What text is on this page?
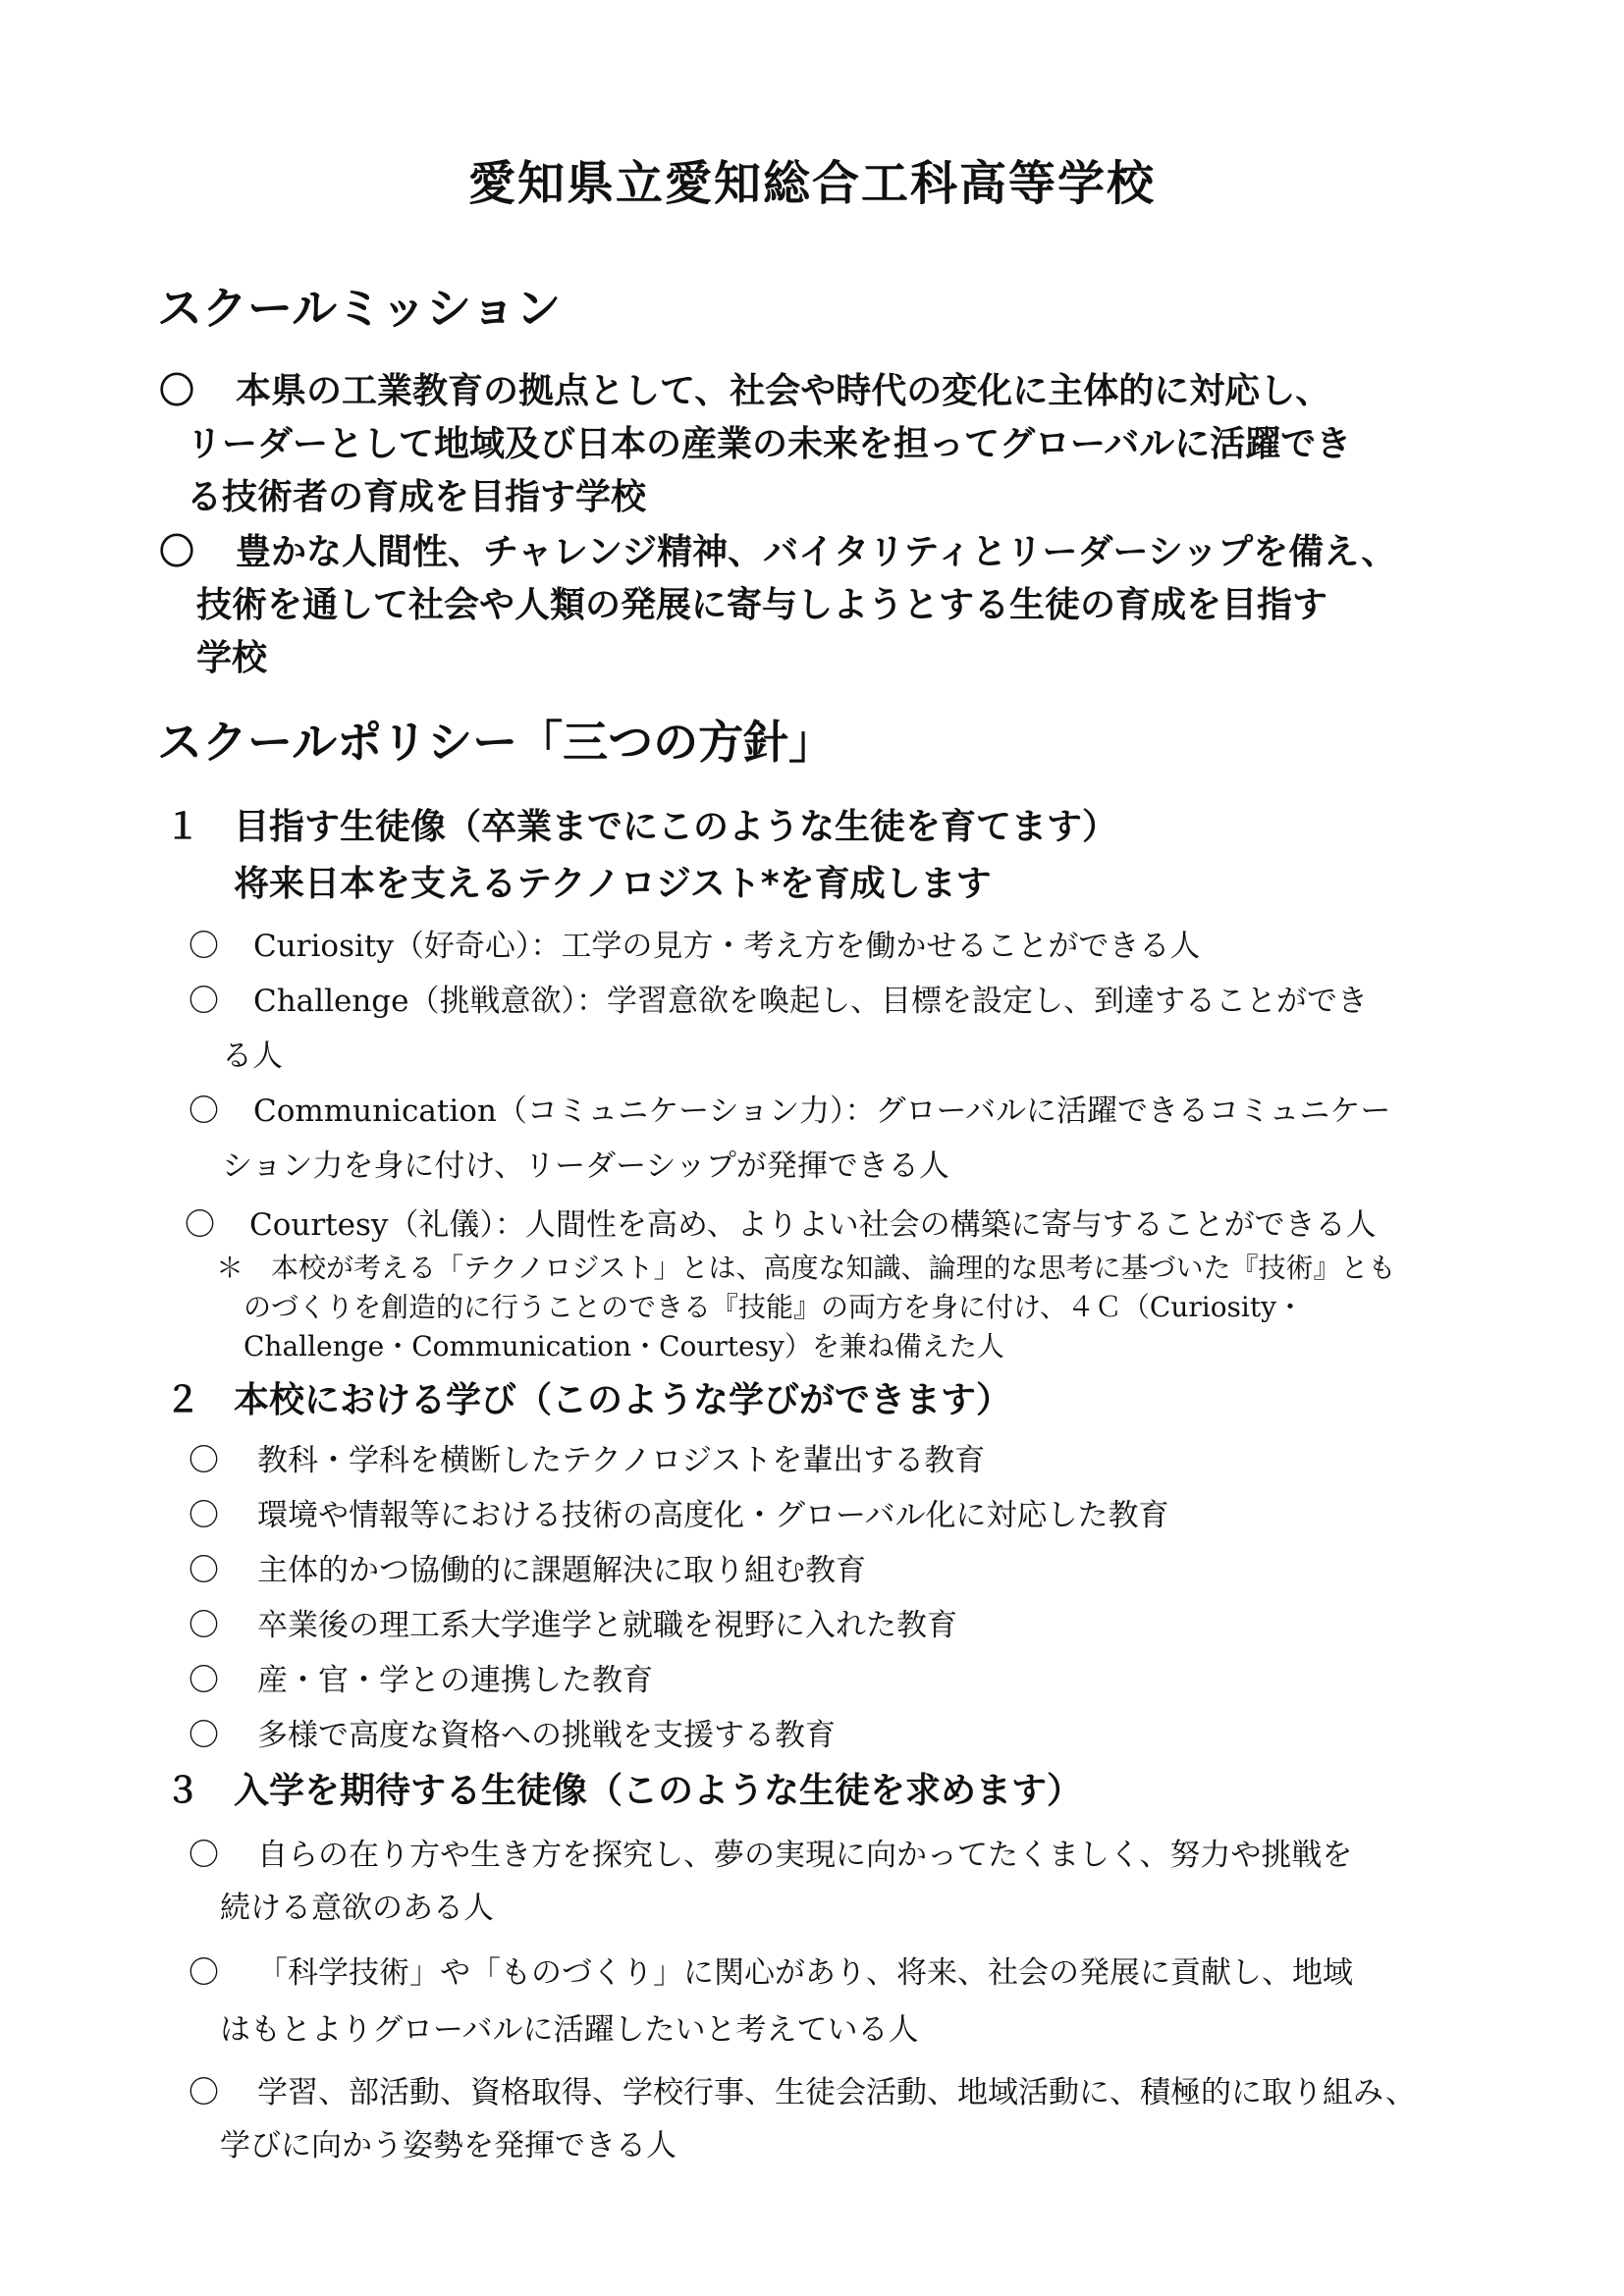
愛知県立愛知総合工科高等学校
スクールミッション
〇 本県の工業教育の拠点として、社会や時代の変化に主体的に対応し、
リーダーとして地域及び日本の産業の未来を担ってグローバルに活躍でき
る技術者の育成を目指す学校
〇 豊かな人間性、チャレンジ精神、バイタリティとリーダーシップを備え、
技術を通して社会や人類の発展に寄与しようとする生徒の育成を目指す
学校
スクールポリシー「三つの方針」
１ 目指す生徒像（卒業までにこのような生徒を育てます）
将来日本を支えるテクノロジスト*を育成します
〇 Curiosity（好奇心）：工学の見方・考え方を働かせることができる人
〇 Challenge（挑戦意欲）：学習意欲を喚起し、目標を設定し、到達することができ
る人
〇 Communication（コミュニケーション力）：グローバルに活躍できるコミュニケー
ション力を身に付け、リーダーシップが発揮できる人
〇 Courtesy（礼儀）：人間性を高め、よりよい社会の構築に寄与することができる人
＊ 本校が考える「テクノロジスト」とは、高度な知識、論理的な思考に基づいた『技術』とも
のづくりを創造的に行うことのできる『技能』の両方を身に付け、４Ｃ（Curiosity・
Challenge・Communication・Courtesy）を兼ね備えた人
２ 本校における学び（このような学びができます）
〇 教科・学科を横断したテクノロジストを輩出する教育
〇 環境や情報等における技術の高度化・グローバル化に対応した教育
〇 主体的かつ協働的に課題解決に取り組む教育
〇 卒業後の理工系大学進学と就職を視野に入れた教育
〇 産・官・学との連携した教育
〇 多様で高度な資格への挑戦を支援する教育
３ 入学を期待する生徒像（このような生徒を求めます）
〇 自らの在り方や生き方を探究し、夢の実現に向かってたくましく、努力や挑戦を
続ける意欲のある人
〇 「科学技術」や「ものづくり」に関心があり、将来、社会の発展に貢献し、地域
はもとよりグローバルに活躍したいと考えている人
〇 学習、部活動、資格取得、学校行事、生徒会活動、地域活動に、積極的に取り組み、
学びに向かう姿勢を発揮できる人
